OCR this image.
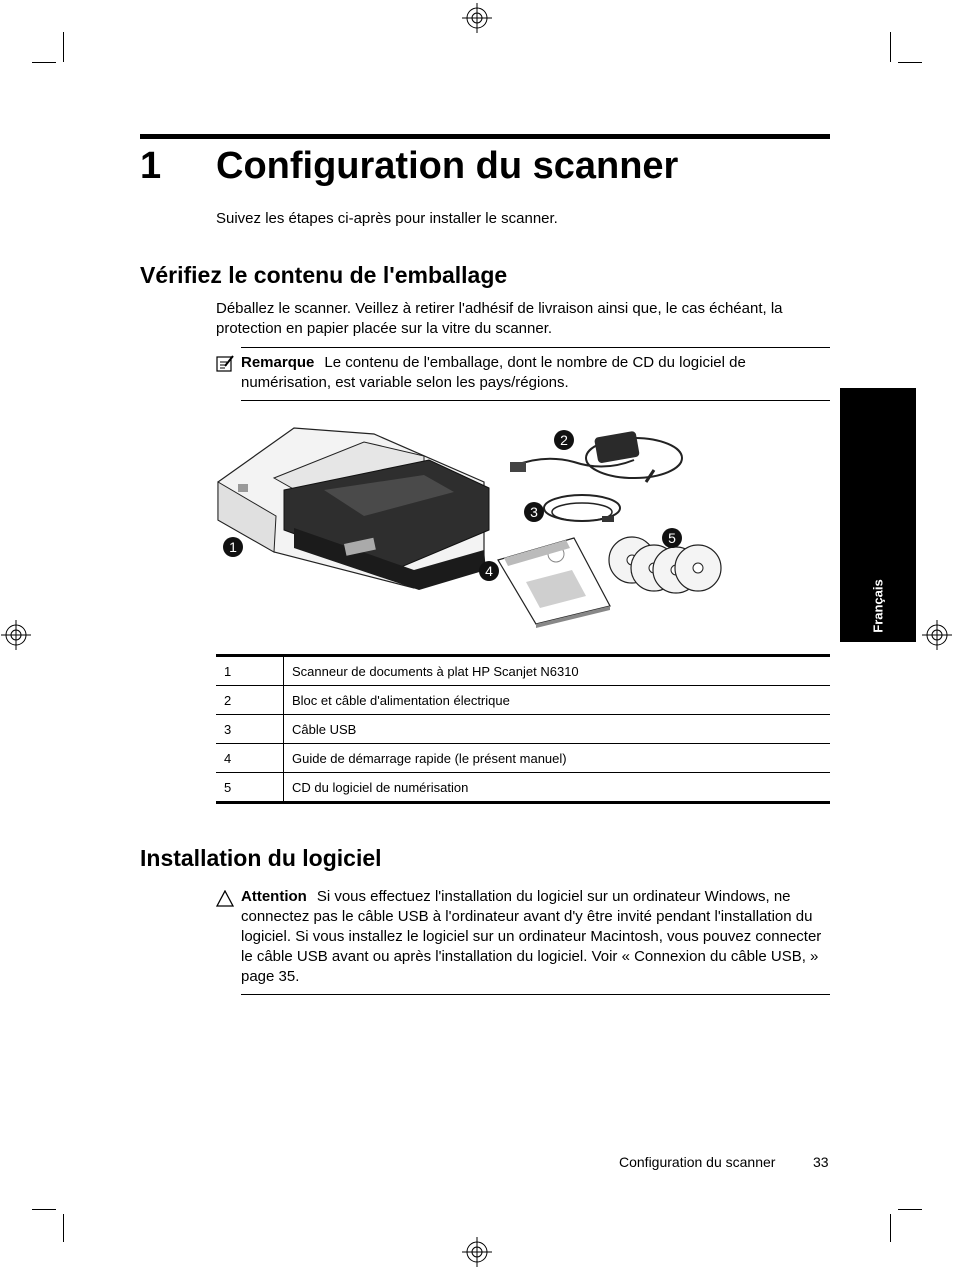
1 Configuration du scanner
Suivez les étapes ci-après pour installer le scanner.
Vérifiez le contenu de l'emballage
Déballez le scanner. Veillez à retirer l'adhésif de livraison ainsi que, le cas échéant, la protection en papier placée sur la vitre du scanner.
Remarque Le contenu de l'emballage, dont le nombre de CD du logiciel de numérisation, est variable selon les pays/régions.
1
2
3
4
5
Français
1	Scanneur de documents à plat HP Scanjet N6310
2	Bloc et câble d'alimentation électrique
3	Câble USB
4	Guide de démarrage rapide (le présent manuel)
5	CD du logiciel de numérisation
Installation du logiciel
Attention Si vous effectuez l'installation du logiciel sur un ordinateur Windows, ne connectez pas le câble USB à l'ordinateur avant d'y être invité pendant l'installation du logiciel. Si vous installez le logiciel sur un ordinateur Macintosh, vous pouvez connecter le câble USB avant ou après l'installation du logiciel. Voir « Connexion du câble USB, » page 35.
Configuration du scanner	33
